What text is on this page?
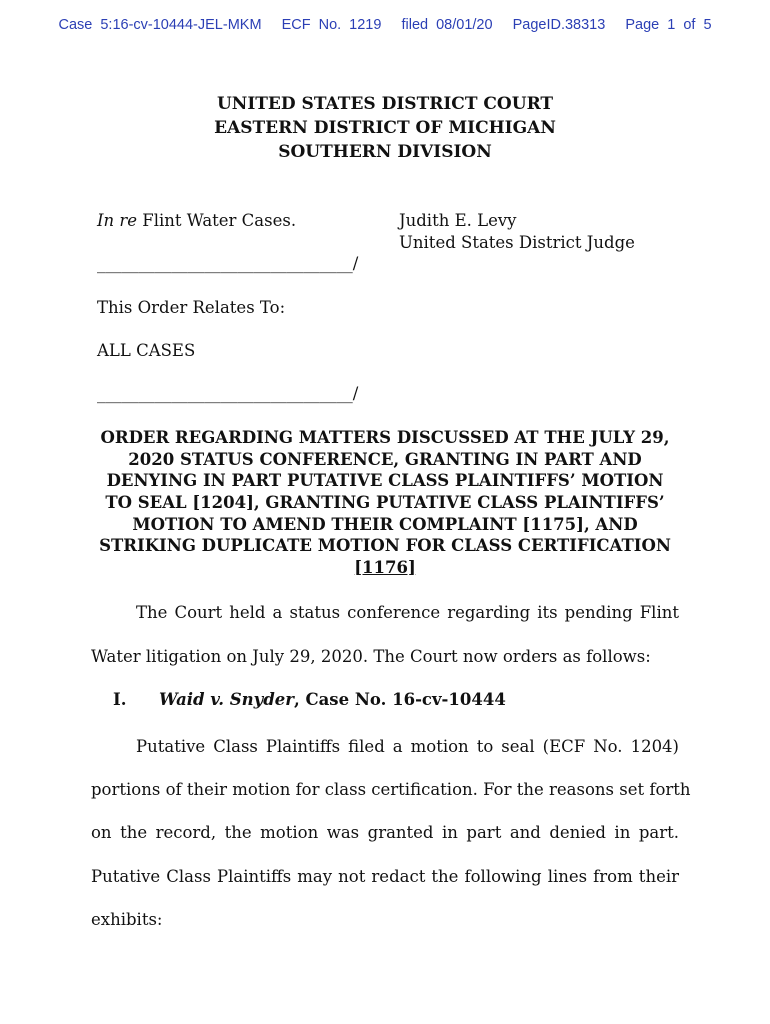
Case 5:16-cv-10444-JEL-MKM ECF No. 1219 filed 08/01/20 PageID.38313 Page 1 of 5
UNITED STATES DISTRICT COURT
EASTERN DISTRICT OF MICHIGAN
SOUTHERN DIVISION
In re Flint Water Cases.	Judith E. Levy
United States District Judge
_______________________________/
This Order Relates To:
ALL CASES
_______________________________/
ORDER REGARDING MATTERS DISCUSSED AT THE JULY 29,
2020 STATUS CONFERENCE, GRANTING IN PART AND
DENYING IN PART PUTATIVE CLASS PLAINTIFFS’ MOTION
TO SEAL [1204], GRANTING PUTATIVE CLASS PLAINTIFFS’
MOTION TO AMEND THEIR COMPLAINT [1175], AND
STRIKING DUPLICATE MOTION FOR CLASS CERTIFICATION
[1176]
The Court held a status conference regarding its pending Flint
Water litigation on July 29, 2020. The Court now orders as follows:
I. Waid v. Snyder, Case No. 16-cv-10444
Putative Class Plaintiffs filed a motion to seal (ECF No. 1204)
portions of their motion for class certification. For the reasons set forth
on the record, the motion was granted in part and denied in part.
Putative Class Plaintiffs may not redact the following lines from their
exhibits:
